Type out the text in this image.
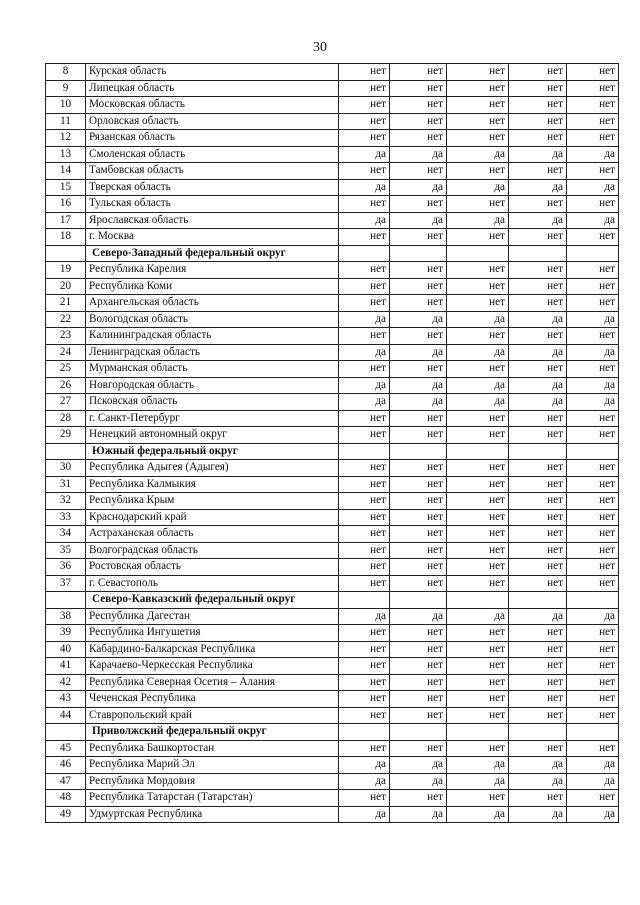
30
8	Курская область	нет	нет	нет	нет	нет
9	Липецкая область	нет	нет	нет	нет	нет
10	Московская область	нет	нет	нет	нет	нет
11	Орловская область	нет	нет	нет	нет	нет
12	Рязанская область	нет	нет	нет	нет	нет
13	Смоленская область	да	да	да	да	да
14	Тамбовская область	нет	нет	нет	нет	нет
15	Тверская область	да	да	да	да	да
16	Тульская область	нет	нет	нет	нет	нет
17	Ярославская область	да	да	да	да	да
18	г. Москва	нет	нет	нет	нет	нет
	Северо-Западный федеральный округ					
19	Республика Карелия	нет	нет	нет	нет	нет
20	Республика Коми	нет	нет	нет	нет	нет
21	Архангельская область	нет	нет	нет	нет	нет
22	Вологодская область	да	да	да	да	да
23	Калининградская область	нет	нет	нет	нет	нет
24	Ленинградская область	да	да	да	да	да
25	Мурманская область	нет	нет	нет	нет	нет
26	Новгородская область	да	да	да	да	да
27	Псковская область	да	да	да	да	да
28	г. Санкт-Петербург	нет	нет	нет	нет	нет
29	Ненецкий автономный округ	нет	нет	нет	нет	нет
	Южный федеральный округ					
30	Республика Адыгея (Адыгея)	нет	нет	нет	нет	нет
31	Республика Калмыкия	нет	нет	нет	нет	нет
32	Республика Крым	нет	нет	нет	нет	нет
33	Краснодарский край	нет	нет	нет	нет	нет
34	Астраханская область	нет	нет	нет	нет	нет
35	Волгоградская область	нет	нет	нет	нет	нет
36	Ростовская область	нет	нет	нет	нет	нет
37	г. Севастополь	нет	нет	нет	нет	нет
	Северо-Кавказский федеральный округ					
38	Республика Дагестан	да	да	да	да	да
39	Республика Ингушетия	нет	нет	нет	нет	нет
40	Кабардино-Балкарская Республика	нет	нет	нет	нет	нет
41	Карачаево-Черкесская Республика	нет	нет	нет	нет	нет
42	Республика Северная Осетия – Алания	нет	нет	нет	нет	нет
43	Чеченская Республика	нет	нет	нет	нет	нет
44	Ставропольский край	нет	нет	нет	нет	нет
	Приволжский федеральный округ					
45	Республика Башкортостан	нет	нет	нет	нет	нет
46	Республика Марий Эл	да	да	да	да	да
47	Республика Мордовия	да	да	да	да	да
48	Республика Татарстан (Татарстан)	нет	нет	нет	нет	нет
49	Удмуртская Республика	да	да	да	да	да
